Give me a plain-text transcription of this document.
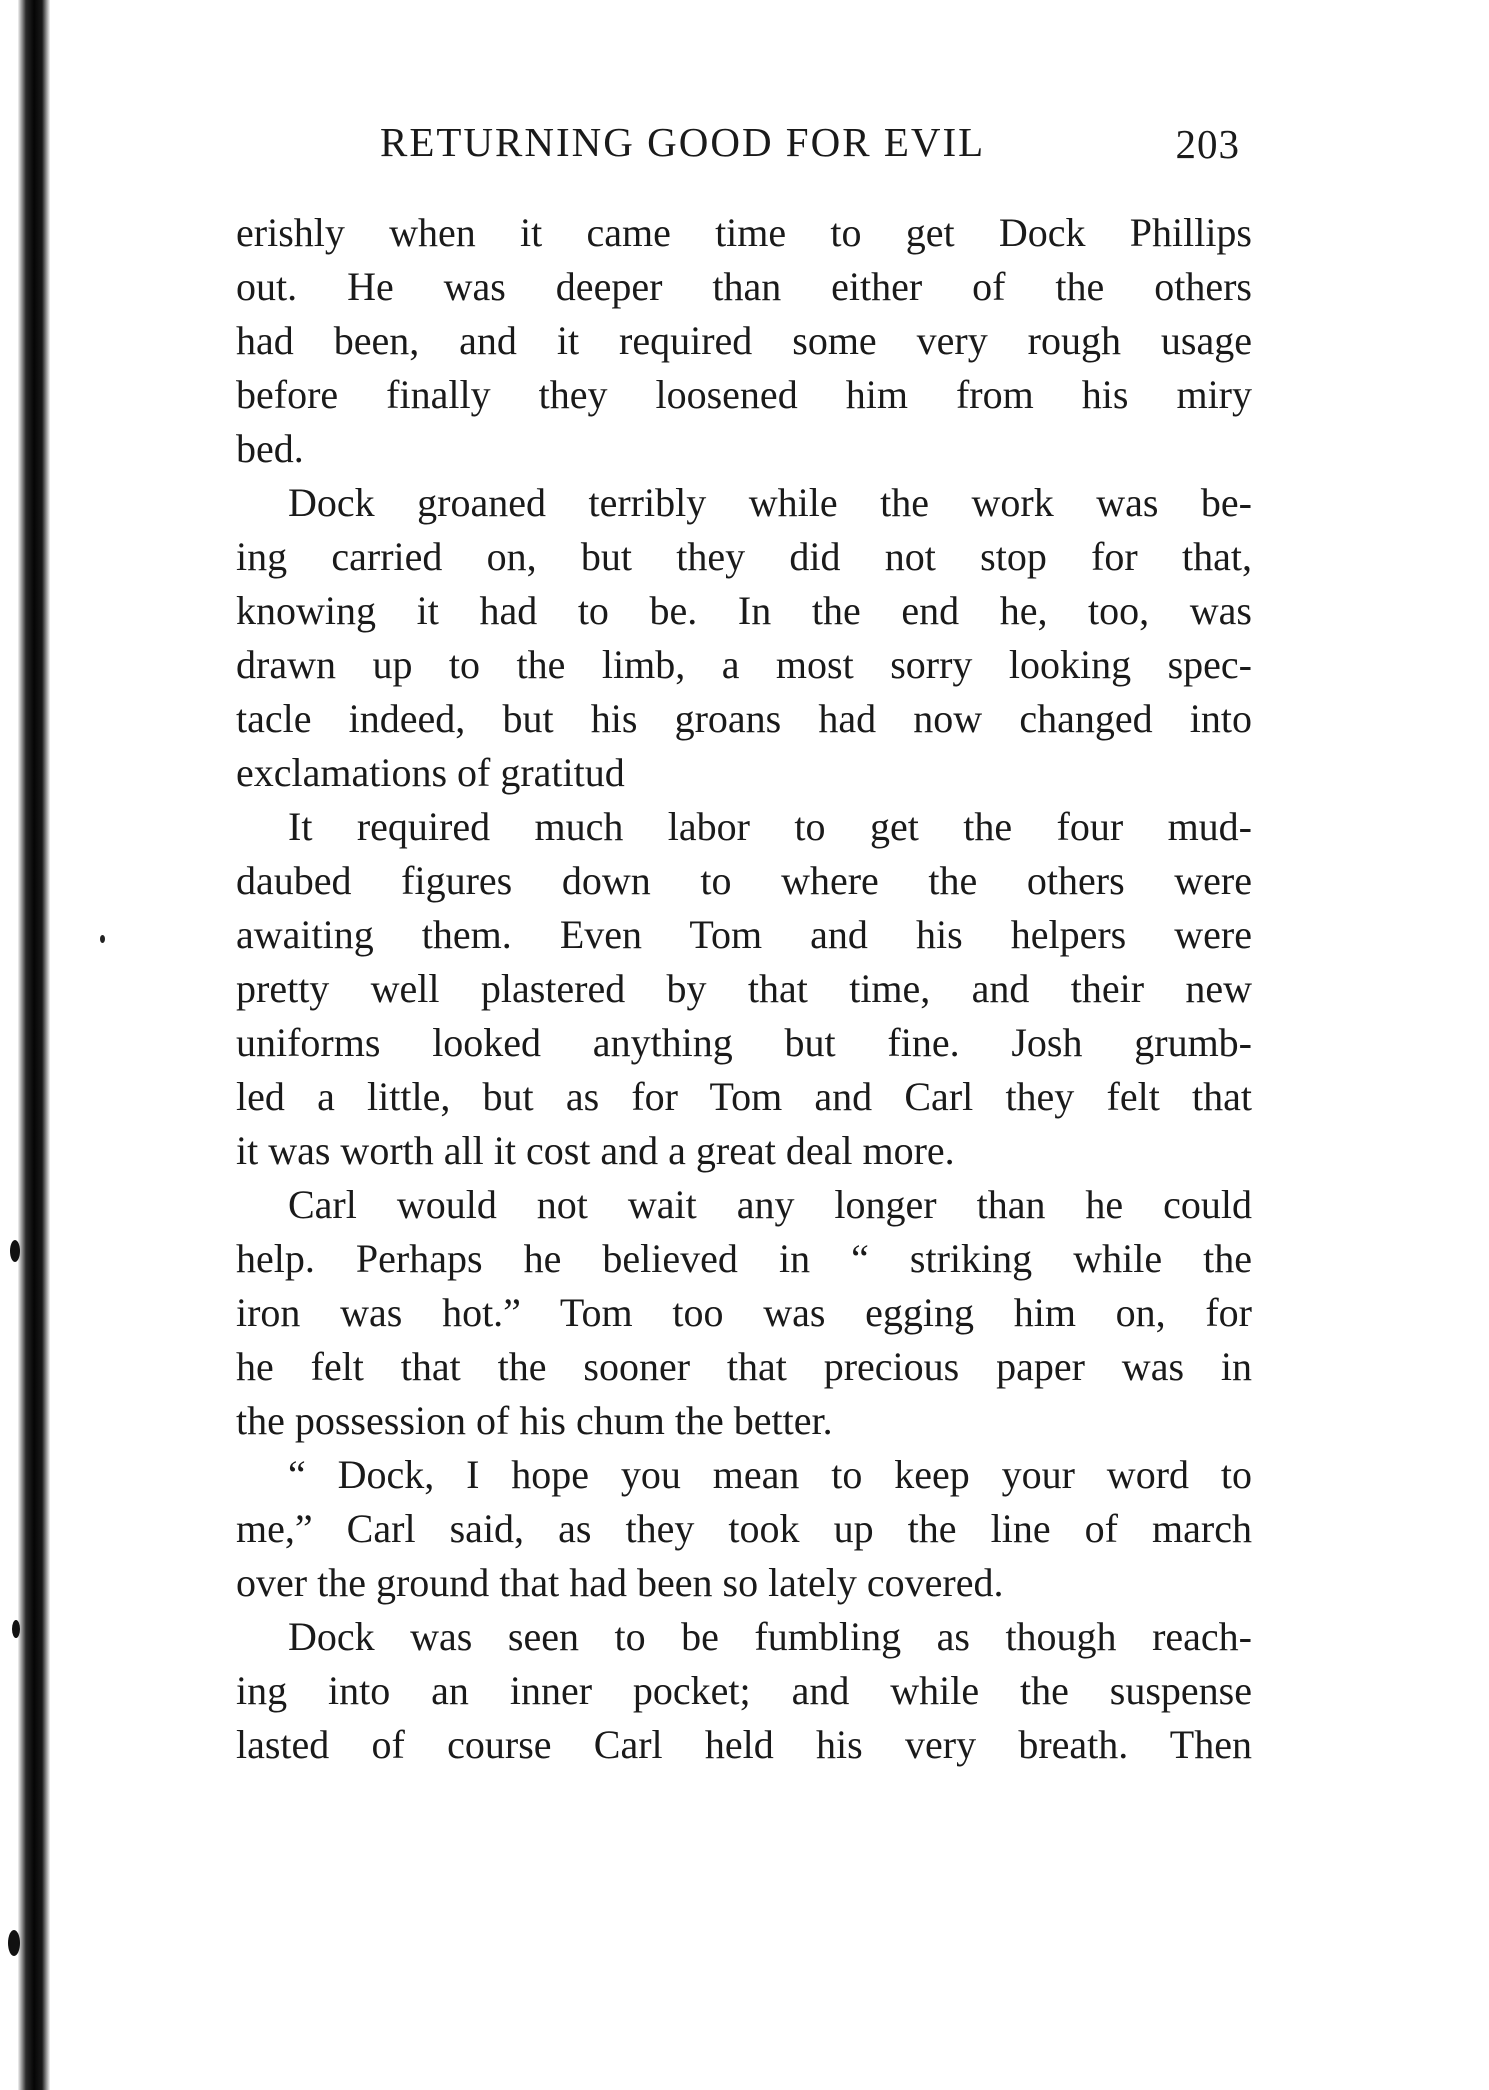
RETURNING GOOD FOR EVIL	203
erishly when it came time to get Dock Phillips
out. He was deeper than either of the others
had been, and it required some very rough usage
before finally they loosened him from his miry
bed.
Dock groaned terribly while the work was be-
ing carried on, but they did not stop for that,
knowing it had to be. In the end he, too, was
drawn up to the limb, a most sorry looking spec-
tacle indeed, but his groans had now changed into
exclamations of gratitud
It required much labor to get the four mud-
daubed figures down to where the others were
awaiting them. Even Tom and his helpers were
pretty well plastered by that time, and their new
uniforms looked anything but fine. Josh grumb-
led a little, but as for Tom and Carl they felt that
it was worth all it cost and a great deal more.
Carl would not wait any longer than he could
help. Perhaps he believed in “ striking while the
iron was hot.” Tom too was egging him on, for
he felt that the sooner that precious paper was in
the possession of his chum the better.
“ Dock, I hope you mean to keep your word to
me,” Carl said, as they took up the line of march
over the ground that had been so lately covered.
Dock was seen to be fumbling as though reach-
ing into an inner pocket; and while the suspense
lasted of course Carl held his very breath. Then
